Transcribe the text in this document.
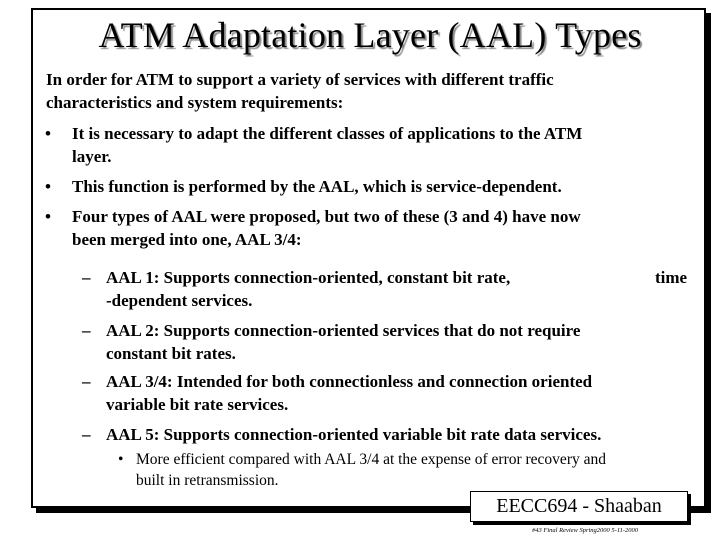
ATM Adaptation Layer (AAL) Types
In order for ATM to support a variety of services with different traffic
characteristics and system requirements:
• It is necessary to adapt the different classes of applications to the ATM
layer.
• This function is performed by the AAL, which is service-dependent.
• Four types of AAL were proposed, but two of these (3 and 4) have now
been merged into one, AAL 3/4:
– AAL 1: Supports connection-oriented, constant bit rate,	time
-dependent services.
– AAL 2: Supports connection-oriented services that do not require
constant bit rates.
– AAL 3/4: Intended for both connectionless and connection oriented
variable bit rate services.
– AAL 5: Supports connection-oriented variable bit rate data services.
• More efficient compared with AAL 3/4 at the expense of error recovery and
built in retransmission.
EECC694 - Shaaban
#43 Final Review Spring2000 5-11-2000
